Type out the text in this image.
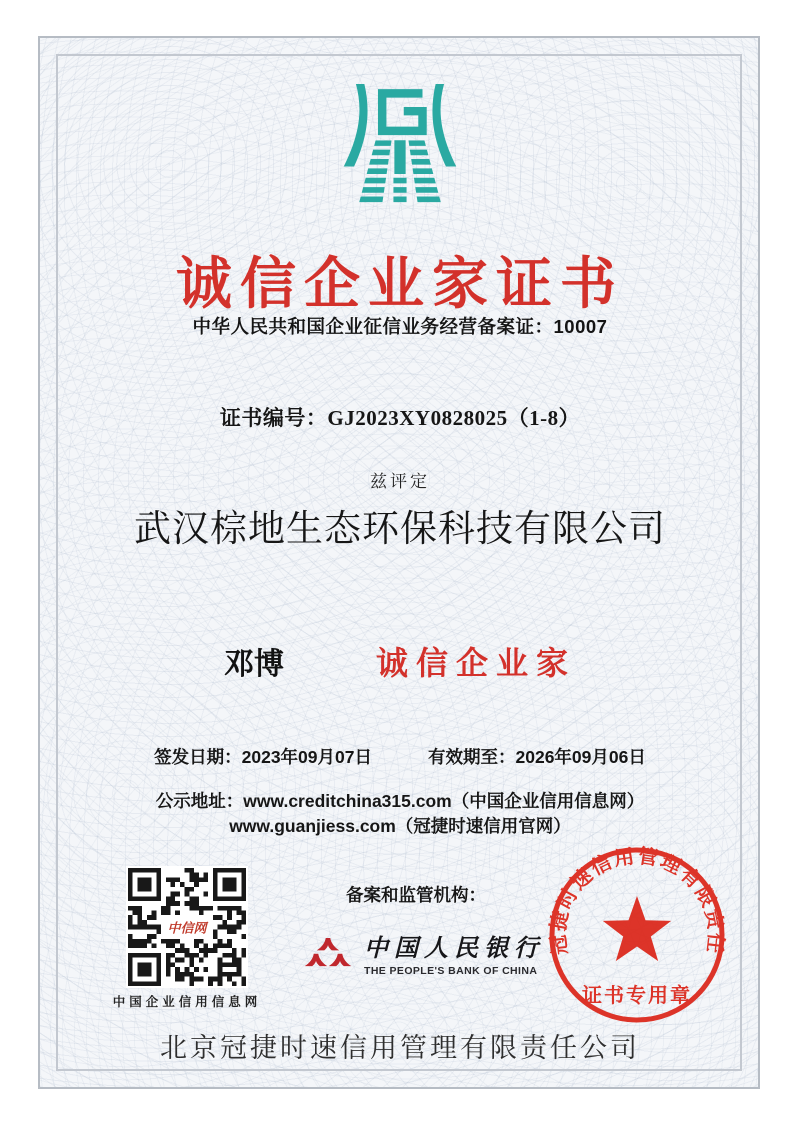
诚信企业家证书
中华人民共和国企业征信业务经营备案证：10007
证书编号：GJ2023XY0828025（1-8）
兹评定
武汉棕地生态环保科技有限公司
邓博	诚信企业家
签发日期：2023年09月07日	有效期至：2026年09月06日
公示地址：www.creditchina315.com（中国企业信用信息网）
www.guanjiess.com（冠捷时速信用官网）
中信网
中国企业信用信息网
备案和监管机构：
中国人民银行
THE PEOPLE'S BANK OF CHINA
冠捷时速信用管理有限责任
证书专用章
北京冠捷时速信用管理有限责任公司
